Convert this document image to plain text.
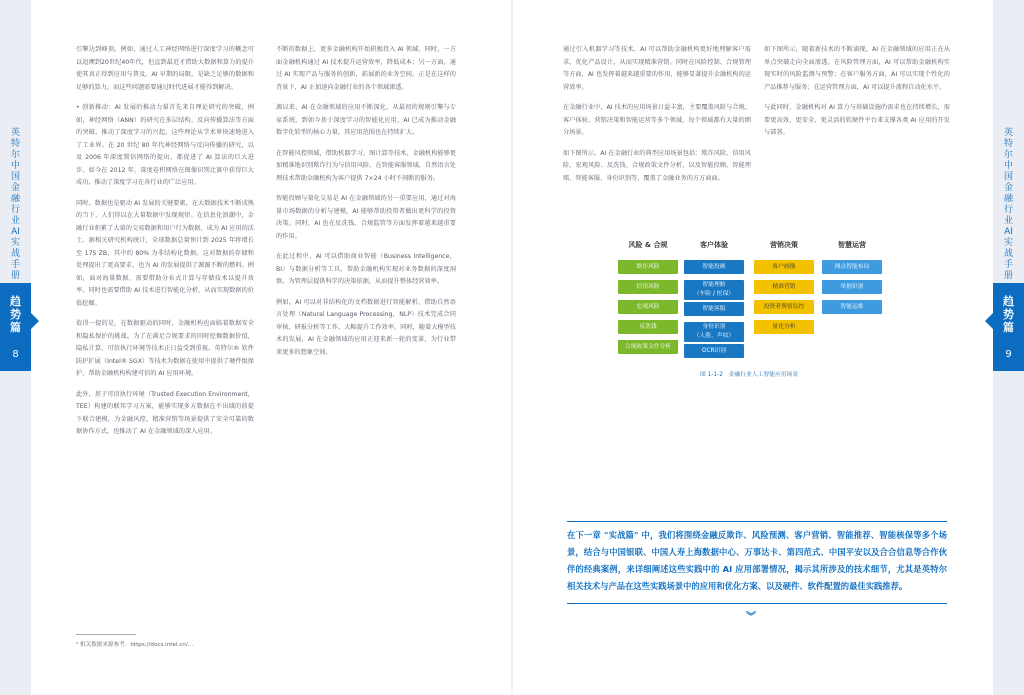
英
特
尔
中
国
金
融
行
业
AI
实
战
手
册
趋
势
篇
8
英
特
尔
中
国
金
融
行
业
AI
实
战
手
册
趋
势
篇
9

引擎达到峰顶。例如，通过人工神经网络进行深度学习的概念可以追溯到20世纪40年代，但直到最近才借助大数据和算力的提升使其真正得到应用与普及。AI 早期的局限，是缺乏足够的数据和足够的算力，而这些问题需要通过时代进展才能得到解决。

• 创新推动：AI 发展的推动力量首先来自理论研究的突破，例如，神经网络（ANN）的研究在多层结构、反向传播算法等方面的突破，推动了深度学习的兴起，这些理论从学术界快速地进入了工业界。在 20 世纪 80 年代神经网络与反向传播的研究，以及 2006 年深度置信网络的提出，都促进了 AI 算法的巨大进步。如今在 2012 年，深度卷积网络在图像识别比赛中获得巨大成功，推动了深度学习在各行业的广泛应用。

同时，数据也是驱动 AI 发展的关键要素，在大数据技术不断成熟的当下，人们得以在大量数据中发现规律。在信息化浪潮中，金融行业积累了大量的交易数据和用户行为数据，成为 AI 应用的沃土。据相关研究机构统计，全球数据总量预计到 2025 年将增长至 175 ZB，其中约 80% 为非结构化数据。这对数据的存储和处理提出了更高要求，也为 AI 的发展提供了源源不断的燃料。例如，面对海量数据，需要借助分布式计算与存储技术以提升效率，同时也需要借助 AI 技术进行智能化分析，从而实现数据的价值挖掘。

值得一提的是，在数据驱动的同时，金融机构也面临着数据安全和隐私保护的挑战。为了在满足合规要求的同时挖掘数据价值，隐私计算、可信执行环境等技术正日益受到重视。英特尔® 软件防护扩展（Intel® SGX）等技术为数据在使用中提供了硬件级保护，帮助金融机构构建可信的 AI 应用环境。

此外，基于可信执行环境（Trusted Execution Environment，TEE）构建的联邦学习方案，能够实现多方数据在不出域的前提下联合建模，为金融风控、精准营销等场景提供了安全可靠的数据协作方式，也推动了 AI 在金融领域的深入应用。

不断的数据上，更多金融机构开始积极投入 AI 领域。同时，一方面金融机构通过 AI 技术提升运营效率，降低成本；另一方面，通过 AI 实现产品与服务的创新，拓展新的业务空间。正是在这样的背景下，AI 正加速向金融行业的各个领域渗透。

源以来，AI 在金融领域的应用不断深化，从最初的规则引擎与专家系统，到如今基于深度学习的智能化应用，AI 已成为推动金融数字化转型的核心力量，其应用范围也在持续扩大。

在智能风控领域，借助机器学习、图计算等技术，金融机构能够更加精准地识别欺诈行为与信用风险。在智能客服领域，自然语言处理技术帮助金融机构为客户提供 7×24 小时不间断的服务。

智能投顾与量化交易是 AI 在金融领域的另一重要应用，通过对海量市场数据的分析与建模，AI 能够帮助投资者做出更科学的投资决策。同时，AI 也在反洗钱、合规监管等方面发挥着越来越重要的作用。

在此过程中，AI 可以借助商业智能（Business Intelligence，BI）与数据分析等工具，帮助金融机构实现对业务数据的深度洞察，为管理层提供科学的决策依据，从而提升整体经营效率。

例如，AI 可以对非结构化的文档数据进行智能解析，借助自然语言处理（Natural Language Processing，NLP）技术完成合同审核、研报分析等工作，大幅提升工作效率。同时，随着大模型技术的发展，AI 在金融领域的应用正迎来新一轮的变革，为行业带来更多的想象空间。

¹ 相关数据来源参考：https://docs.intel.cn/…

通过引入机器学习等技术，AI 可以帮助金融机构更好地理解客户需求，优化产品设计，从而实现精准营销。同时在风险控制、合规管理等方面，AI 也发挥着越来越重要的作用，能够显著提升金融机构的运营效率。

在金融行业中，AI 技术的应用场景日益丰富，主要覆盖风险与合规、客户体验、营销决策和智能运营等多个领域，每个领域都有大量的细分场景。

如下图所示，AI 在金融行业的典型应用场景包括：欺诈风险、信用风险、宏观风险、反洗钱、合规政策文件分析，以及智能投顾、智能理赔、智能客服、身份识别等，覆盖了金融业务的方方面面。

如下图所示，随着新技术的不断涌现，AI 在金融领域的应用正在从单点突破走向全面渗透。在风险管理方面，AI 可以帮助金融机构实现实时的风险监测与预警；在客户服务方面，AI 可以实现个性化的产品推荐与服务；在运营管理方面，AI 可以提升流程自动化水平。

与此同时，金融机构对 AI 算力与基础设施的需求也在持续增长，需要更高效、更安全、更灵活的软硬件平台来支撑各类 AI 应用的开发与部署。

风险 & 合规
欺诈风险
信用风险
宏观风险
反洗钱
合规政策文件分析
客户体验
智能投顾
智能理赔
（车险 / 医保）
智能客服
身份识别
（人脸，声纹）
OCR识别
营销决策
客户画像
精准营销
投资者舆情监控
量化分析
智慧运营
网点智能布局
单据识别
智能运维
图 1-1-2　金融行业人工智能应用场景
在下一章 "实战篇" 中，我们将围绕金融反欺诈、风险预测、客户营销、智能推荐、智能核保等多个场景，结合与中国银联、中国人寿上海数据中心、万事达卡、第四范式、中国平安以及合合信息等合作伙伴的经典案例，来详细阐述这些实践中的 AI 应用部署情况，揭示其所涉及的技术细节，尤其是英特尔相关技术与产品在这些实践场景中的应用和优化方案、以及硬件、软件配置的最佳实践推荐。
︾
